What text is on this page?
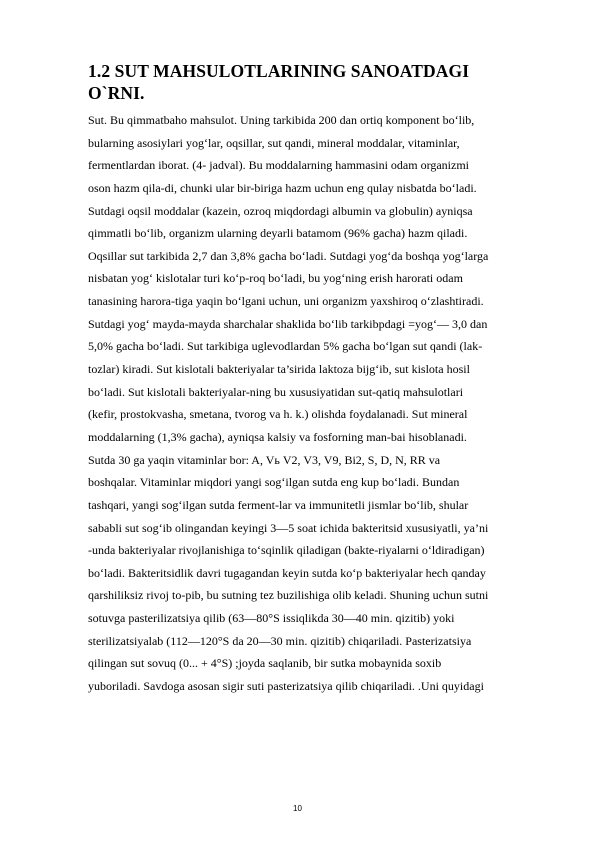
1.2 SUT MAHSULOTLARINING SANOATDAGI
O`RNI.
Sut. Bu qimmatbaho mahsulot. Uning tarkibida 200 dan ortiq komponent bo‘lib,
bularning asosiylari yog‘lar, oqsillar, sut qandi, mineral moddalar, vitaminlar,
fermentlardan iborat. (4- jadval). Bu moddalarning hammasini odam organizmi
oson hazm qila-di, chunki ular bir-biriga hazm uchun eng qulay nisbatda bo‘ladi.
Sutdagi oqsil moddalar (kazein, ozroq miqdordagi albumin va globulin) ayniqsa
qimmatli bo‘lib, organizm ularning deyarli batamom (96% gacha) hazm qiladi.
Oqsillar sut tarkibida 2,7 dan 3,8% gacha bo‘ladi. Sutdagi yog‘da boshqa yog‘larga
nisbatan yog‘ kislotalar turi ko‘p-roq bo‘ladi, bu yog‘ning erish harorati odam
tanasining harora-tiga yaqin bo‘lgani uchun, uni organizm yaxshiroq o‘zlashtiradi.
Sutdagi yog‘ mayda-mayda sharchalar shaklida bo‘lib tarkibpdagi =yog‘— 3,0 dan
5,0% gacha bo‘ladi. Sut tarkibiga uglevodlardan 5% gacha bo‘lgan sut qandi (lak-
tozlar) kiradi. Sut kislotali bakteriyalar ta’sirida laktoza bijg‘ib, sut kislota hosil
bo‘ladi. Sut kislotali bakteriyalar-ning bu xususiyatidan sut-qatiq mahsulotlari
(kefir, prostokvasha, smetana, tvorog va h. k.) olishda foydalanadi. Sut mineral
moddalarning (1,3% gacha), ayniqsa kalsiy va fosforning man-bai hisoblanadi.
Sutda 30 ga yaqin vitaminlar bor: A, Vь V2, V3, V9, Bi2, S, D, N, RR va
boshqalar. Vitaminlar miqdori yangi sog‘ilgan sutda eng kup bo‘ladi. Bundan
tashqari, yangi sog‘ilgan sutda ferment-lar va immunitetli jismlar bo‘lib, shular
sababli sut sog‘ib olingandan keyingi 3—5 soat ichida bakteritsid xususiyatli, ya’ni
-unda bakteriyalar rivojlanishiga to‘sqinlik qiladigan (bakte-riyalarni o‘ldiradigan)
bo‘ladi. Bakteritsidlik davri tugagandan keyin sutda ko‘p bakteriyalar hech qanday
qarshiliksiz rivoj to-pib, bu sutning tez buzilishiga olib keladi. Shuning uchun sutni
sotuvga pasterilizatsiya qilib (63—80°S issiqlikda 30—40 min. qizitib) yoki
sterilizatsiyalab (112—120°S da 20—30 min. qizitib) chiqariladi. Pasterizatsiya
qilingan sut sovuq (0... + 4°S) ;joyda saqlanib, bir sutka mobaynida soxib
yuboriladi. Savdoga asosan sigir suti pasterizatsiya qilib chiqariladi. .Uni quyidagi
10
